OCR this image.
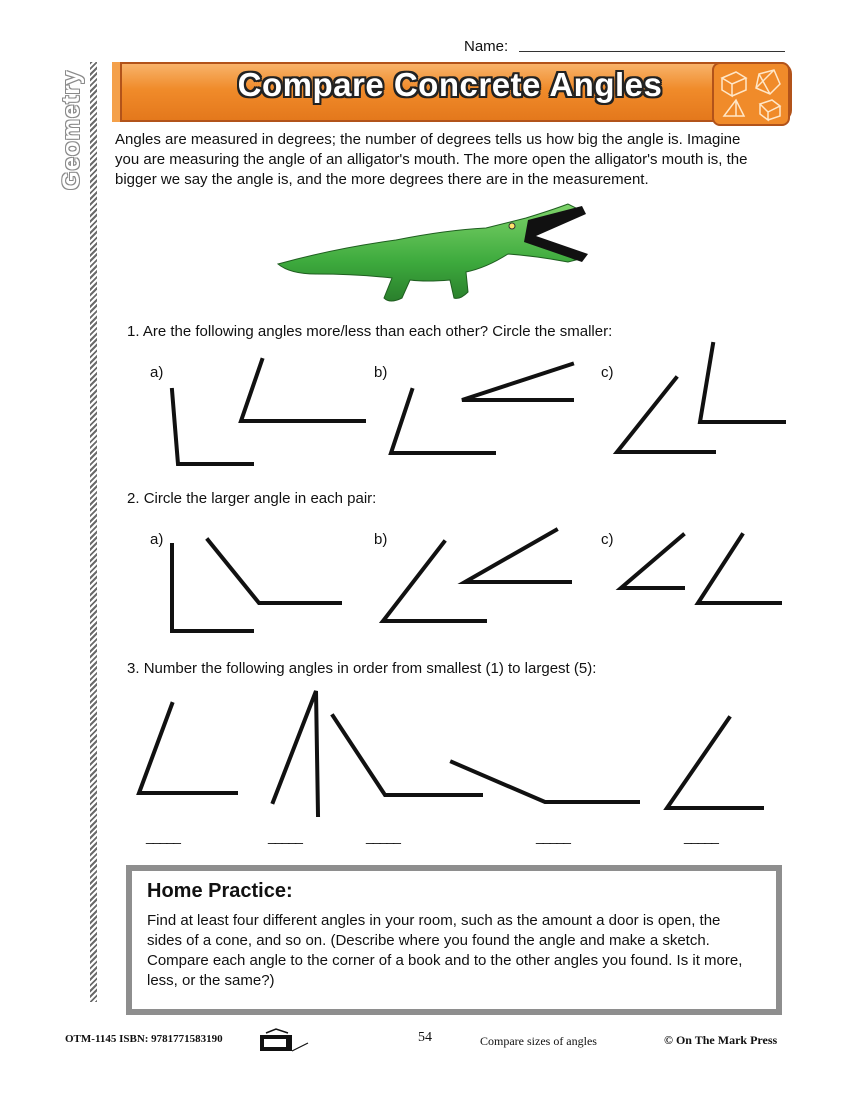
Geometry
Name:
Compare Concrete Angles
Angles are measured in degrees; the number of degrees tells us how big the angle is. Imagine you are measuring the angle of an alligator's mouth. The more open the alligator's mouth is, the bigger we say the angle is, and the more degrees there are in the measurement.
1. Are the following angles more/less than each other? Circle the smaller:
a)	b)	c)
2. Circle the larger angle in each pair:
a)	b)	c)
3. Number the following angles in order from smallest (1) to largest (5):
_____	_____	_____	_____	_____
Home Practice:
Find at least four different angles in your room, such as the amount a door is open, the sides of a cone, and so on. (Describe where you found the angle and make a sketch. Compare each angle to the corner of a book and to the other angles you found. Is it more, less, or the same?)
OTM-1145 ISBN: 9781771583190	54	Compare sizes of angles	© On The Mark Press
